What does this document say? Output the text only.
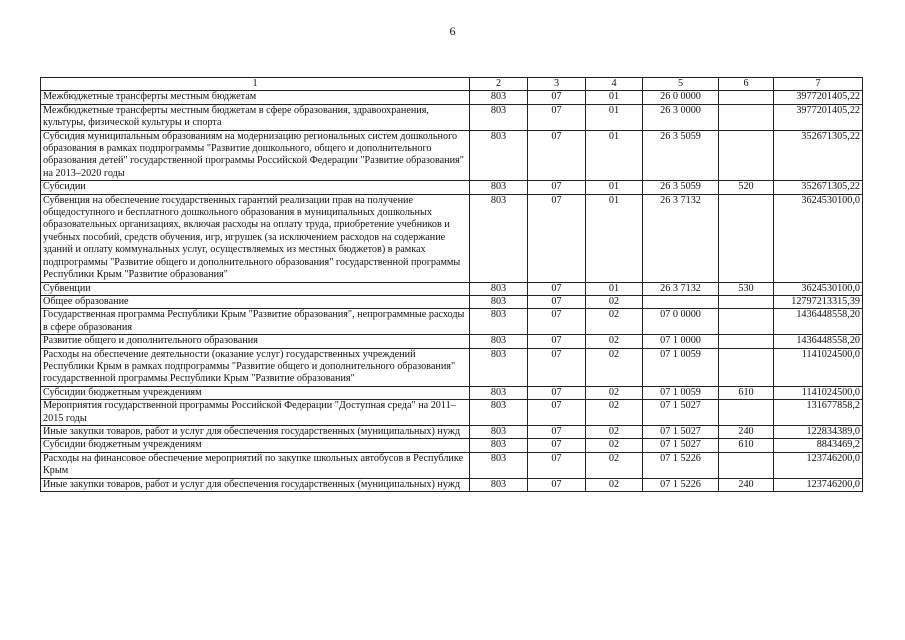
6
1	2	3	4	5	6	7
Межбюджетные трансферты местным бюджетам	803	07	01	26 0 0000		3977201405,22
Межбюджетные трансферты местным бюджетам в сфере образования, здравоохранения, культуры, физической культуры и спорта	803	07	01	26 3 0000		3977201405,22
Субсидия муниципальным образованиям на модернизацию региональных систем дошкольного образования в рамках подпрограммы "Развитие дошкольного, общего и дополнительного образования детей" государственной программы Российской Федерации "Развитие образования" на 2013–2020 годы	803	07	01	26 3 5059		352671305,22
Субсидии	803	07	01	26 3 5059	520	352671305,22
Субвенция на обеспечение государственных гарантий реализации прав на получение общедоступного и бесплатного дошкольного образования в муниципальных дошкольных образовательных организациях, включая расходы на оплату труда, приобретение учебников и учебных пособий, средств обучения, игр, игрушек (за исключением расходов на содержание зданий и оплату коммунальных услуг, осуществляемых из местных бюджетов) в рамках подпрограммы "Развитие общего и дополнительного образования" государственной программы Республики Крым "Развитие образования"	803	07	01	26 3 7132		3624530100,0
Субвенции	803	07	01	26 3 7132	530	3624530100,0
Общее образование	803	07	02			12797213315,39
Государственная программа Республики Крым "Развитие образования", непрограммные расходы в сфере образования	803	07	02	07 0 0000		1436448558,20
Развитие общего и дополнительного образования	803	07	02	07 1 0000		1436448558,20
Расходы на обеспечение деятельности (оказание услуг) государственных учреждений Республики Крым в рамках подпрограммы "Развитие общего и дополнительного образования" государственной программы Республики Крым "Развитие образования"	803	07	02	07 1 0059		1141024500,0
Субсидии бюджетным учреждениям	803	07	02	07 1 0059	610	1141024500,0
Мероприятия государственной программы Российской Федерации "Доступная среда" на 2011–2015 годы	803	07	02	07 1 5027		131677858,2
Иные закупки товаров, работ и услуг для обеспечения государственных (муниципальных) нужд	803	07	02	07 1 5027	240	122834389,0
Субсидии бюджетным учреждениям	803	07	02	07 1 5027	610	8843469,2
Расходы на финансовое обеспечение мероприятий по закупке школьных автобусов в Республике Крым	803	07	02	07 1 5226		123746200,0
Иные закупки товаров, работ и услуг для обеспечения государственных (муниципальных) нужд	803	07	02	07 1 5226	240	123746200,0
